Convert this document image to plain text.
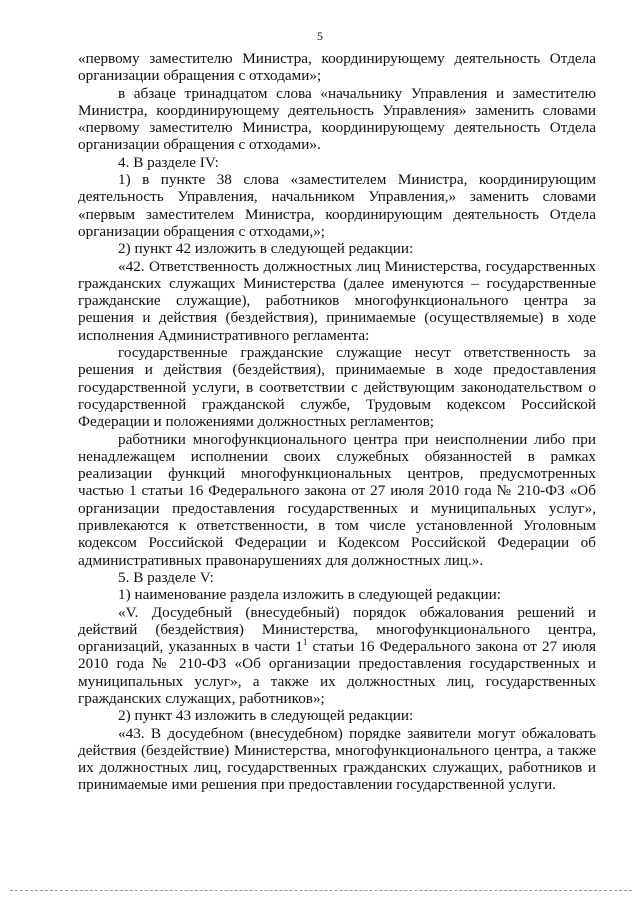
5

«первому заместителю Министра, координирующему деятельность Отдела организации обращения с отходами»;

в абзаце тринадцатом слова «начальнику Управления и заместителю Министра, координирующему деятельность Управления» заменить словами «первому заместителю Министра, координирующему деятельность Отдела организации обращения с отходами».

4. В разделе IV:

1) в пункте 38 слова «заместителем Министра, координирующим деятельность Управления, начальником Управления,» заменить словами «первым заместителем Министра, координирующим деятельность Отдела организации обращения с отходами,»;

2) пункт 42 изложить в следующей редакции:

«42. Ответственность должностных лиц Министерства, государственных гражданских служащих Министерства (далее именуются – государственные гражданские служащие), работников многофункционального центра за решения и действия (бездействия), принимаемые (осуществляемые) в ходе исполнения Административного регламента:

государственные гражданские служащие несут ответственность за решения и действия (бездействия), принимаемые в ходе предоставления государственной услуги, в соответствии с действующим законодательством о государственной гражданской службе, Трудовым кодексом Российской Федерации и положениями должностных регламентов;

работники многофункционального центра при неисполнении либо при ненадлежащем исполнении своих служебных обязанностей в рамках реализации функций многофункциональных центров, предусмотренных частью 1 статьи 16 Федерального закона от 27 июля 2010 года № 210-ФЗ «Об организации предоставления государственных и муниципальных услуг», привлекаются к ответственности, в том числе установленной Уголовным кодексом Российской Федерации и Кодексом Российской Федерации об административных правонарушениях для должностных лиц.».

5. В разделе V:

1) наименование раздела изложить в следующей редакции:

«V. Досудебный (внесудебный) порядок обжалования решений и действий (бездействия) Министерства, многофункционального центра, организаций, указанных в части $1^1$ статьи 16 Федерального закона от 27 июля 2010 года № 210-ФЗ «Об организации предоставления государственных и муниципальных услуг», а также их должностных лиц, государственных гражданских служащих, работников»;

2) пункт 43 изложить в следующей редакции:

«43. В досудебном (внесудебном) порядке заявители могут обжаловать действия (бездействие) Министерства, многофункционального центра, а также их должностных лиц, государственных гражданских служащих, работников и принимаемые ими решения при предоставлении государственной услуги.
